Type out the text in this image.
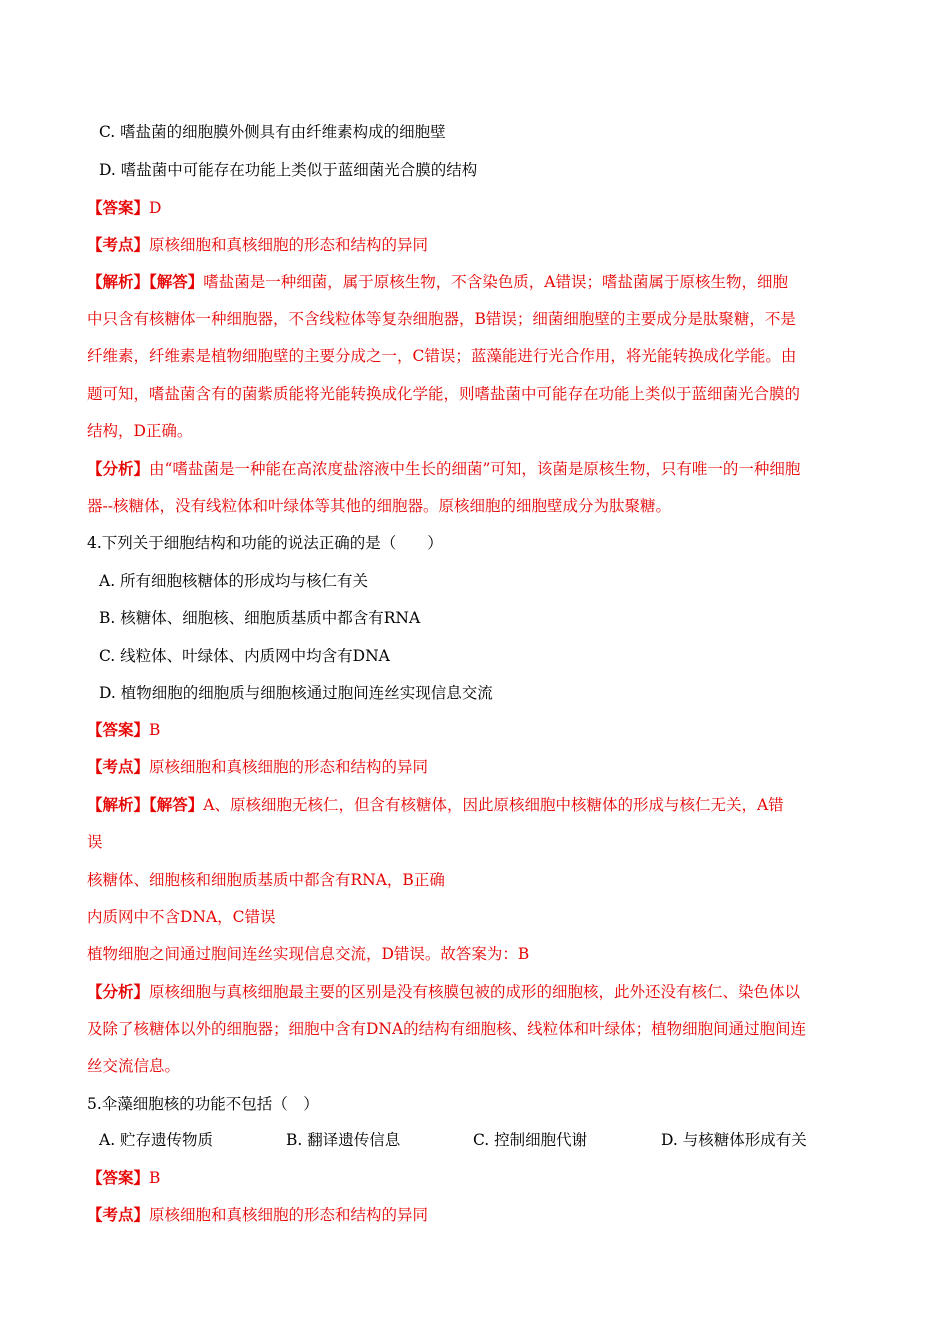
C. 嗜盐菌的细胞膜外侧具有由纤维素构成的细胞壁
D. 嗜盐菌中可能存在功能上类似于蓝细菌光合膜的结构
【答案】D
【考点】原核细胞和真核细胞的形态和结构的异同
【解析】【解答】嗜盐菌是一种细菌，属于原核生物，不含染色质，A错误；嗜盐菌属于原核生物，细胞
中只含有核糖体一种细胞器，不含线粒体等复杂细胞器，B错误；细菌细胞壁的主要成分是肽聚糖，不是
纤维素，纤维素是植物细胞壁的主要分成之一，C错误；蓝藻能进行光合作用，将光能转换成化学能。由
题可知，嗜盐菌含有的菌紫质能将光能转换成化学能，则嗜盐菌中可能存在功能上类似于蓝细菌光合膜的
结构，D正确。
【分析】由“嗜盐菌是一种能在高浓度盐溶液中生长的细菌”可知，该菌是原核生物，只有唯一的一种细胞
器--核糖体，没有线粒体和叶绿体等其他的细胞器。原核细胞的细胞壁成分为肽聚糖。
4.下列关于细胞结构和功能的说法正确的是（　　）
A. 所有细胞核糖体的形成均与核仁有关
B. 核糖体、细胞核、细胞质基质中都含有RNA
C. 线粒体、叶绿体、内质网中均含有DNA
D. 植物细胞的细胞质与细胞核通过胞间连丝实现信息交流
【答案】B
【考点】原核细胞和真核细胞的形态和结构的异同
【解析】【解答】A、原核细胞无核仁，但含有核糖体，因此原核细胞中核糖体的形成与核仁无关，A错
误
核糖体、细胞核和细胞质基质中都含有RNA，B正确
内质网中不含DNA，C错误
植物细胞之间通过胞间连丝实现信息交流，D错误。故答案为：B
【分析】原核细胞与真核细胞最主要的区别是没有核膜包被的成形的细胞核，此外还没有核仁、染色体以
及除了核糖体以外的细胞器；细胞中含有DNA的结构有细胞核、线粒体和叶绿体；植物细胞间通过胞间连
丝交流信息。
5.伞藻细胞核的功能不包括（　）
A. 贮存遗传物质	B. 翻译遗传信息	C. 控制细胞代谢	D. 与核糖体形成有关
【答案】B
【考点】原核细胞和真核细胞的形态和结构的异同
